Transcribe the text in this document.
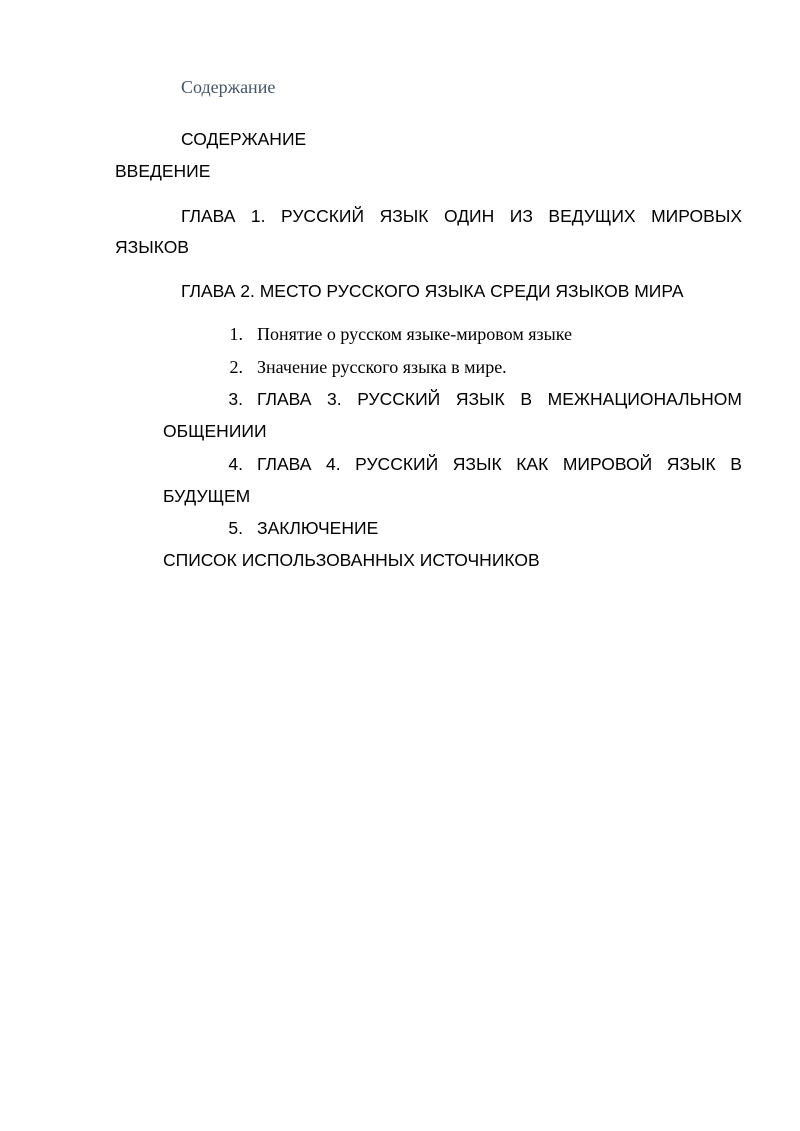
Содержание
СОДЕРЖАНИЕ
ВВЕДЕНИЕ
ГЛАВА 1. РУССКИЙ ЯЗЫК ОДИН ИЗ ВЕДУЩИХ МИРОВЫХ
ЯЗЫКОВ
ГЛАВА 2. МЕСТО РУССКОГО ЯЗЫКА СРЕДИ ЯЗЫКОВ МИРА
1. Понятие о русском языке-мировом языке
2. Значение русского языка в мире.
3. ГЛАВА 3. РУССКИЙ ЯЗЫК В МЕЖНАЦИОНАЛЬНОМ
ОБЩЕНИИИ
4. ГЛАВА 4. РУССКИЙ ЯЗЫК КАК МИРОВОЙ ЯЗЫК В
БУДУЩЕМ
5. ЗАКЛЮЧЕНИЕ
СПИСОК ИСПОЛЬЗОВАННЫХ ИСТОЧНИКОВ
